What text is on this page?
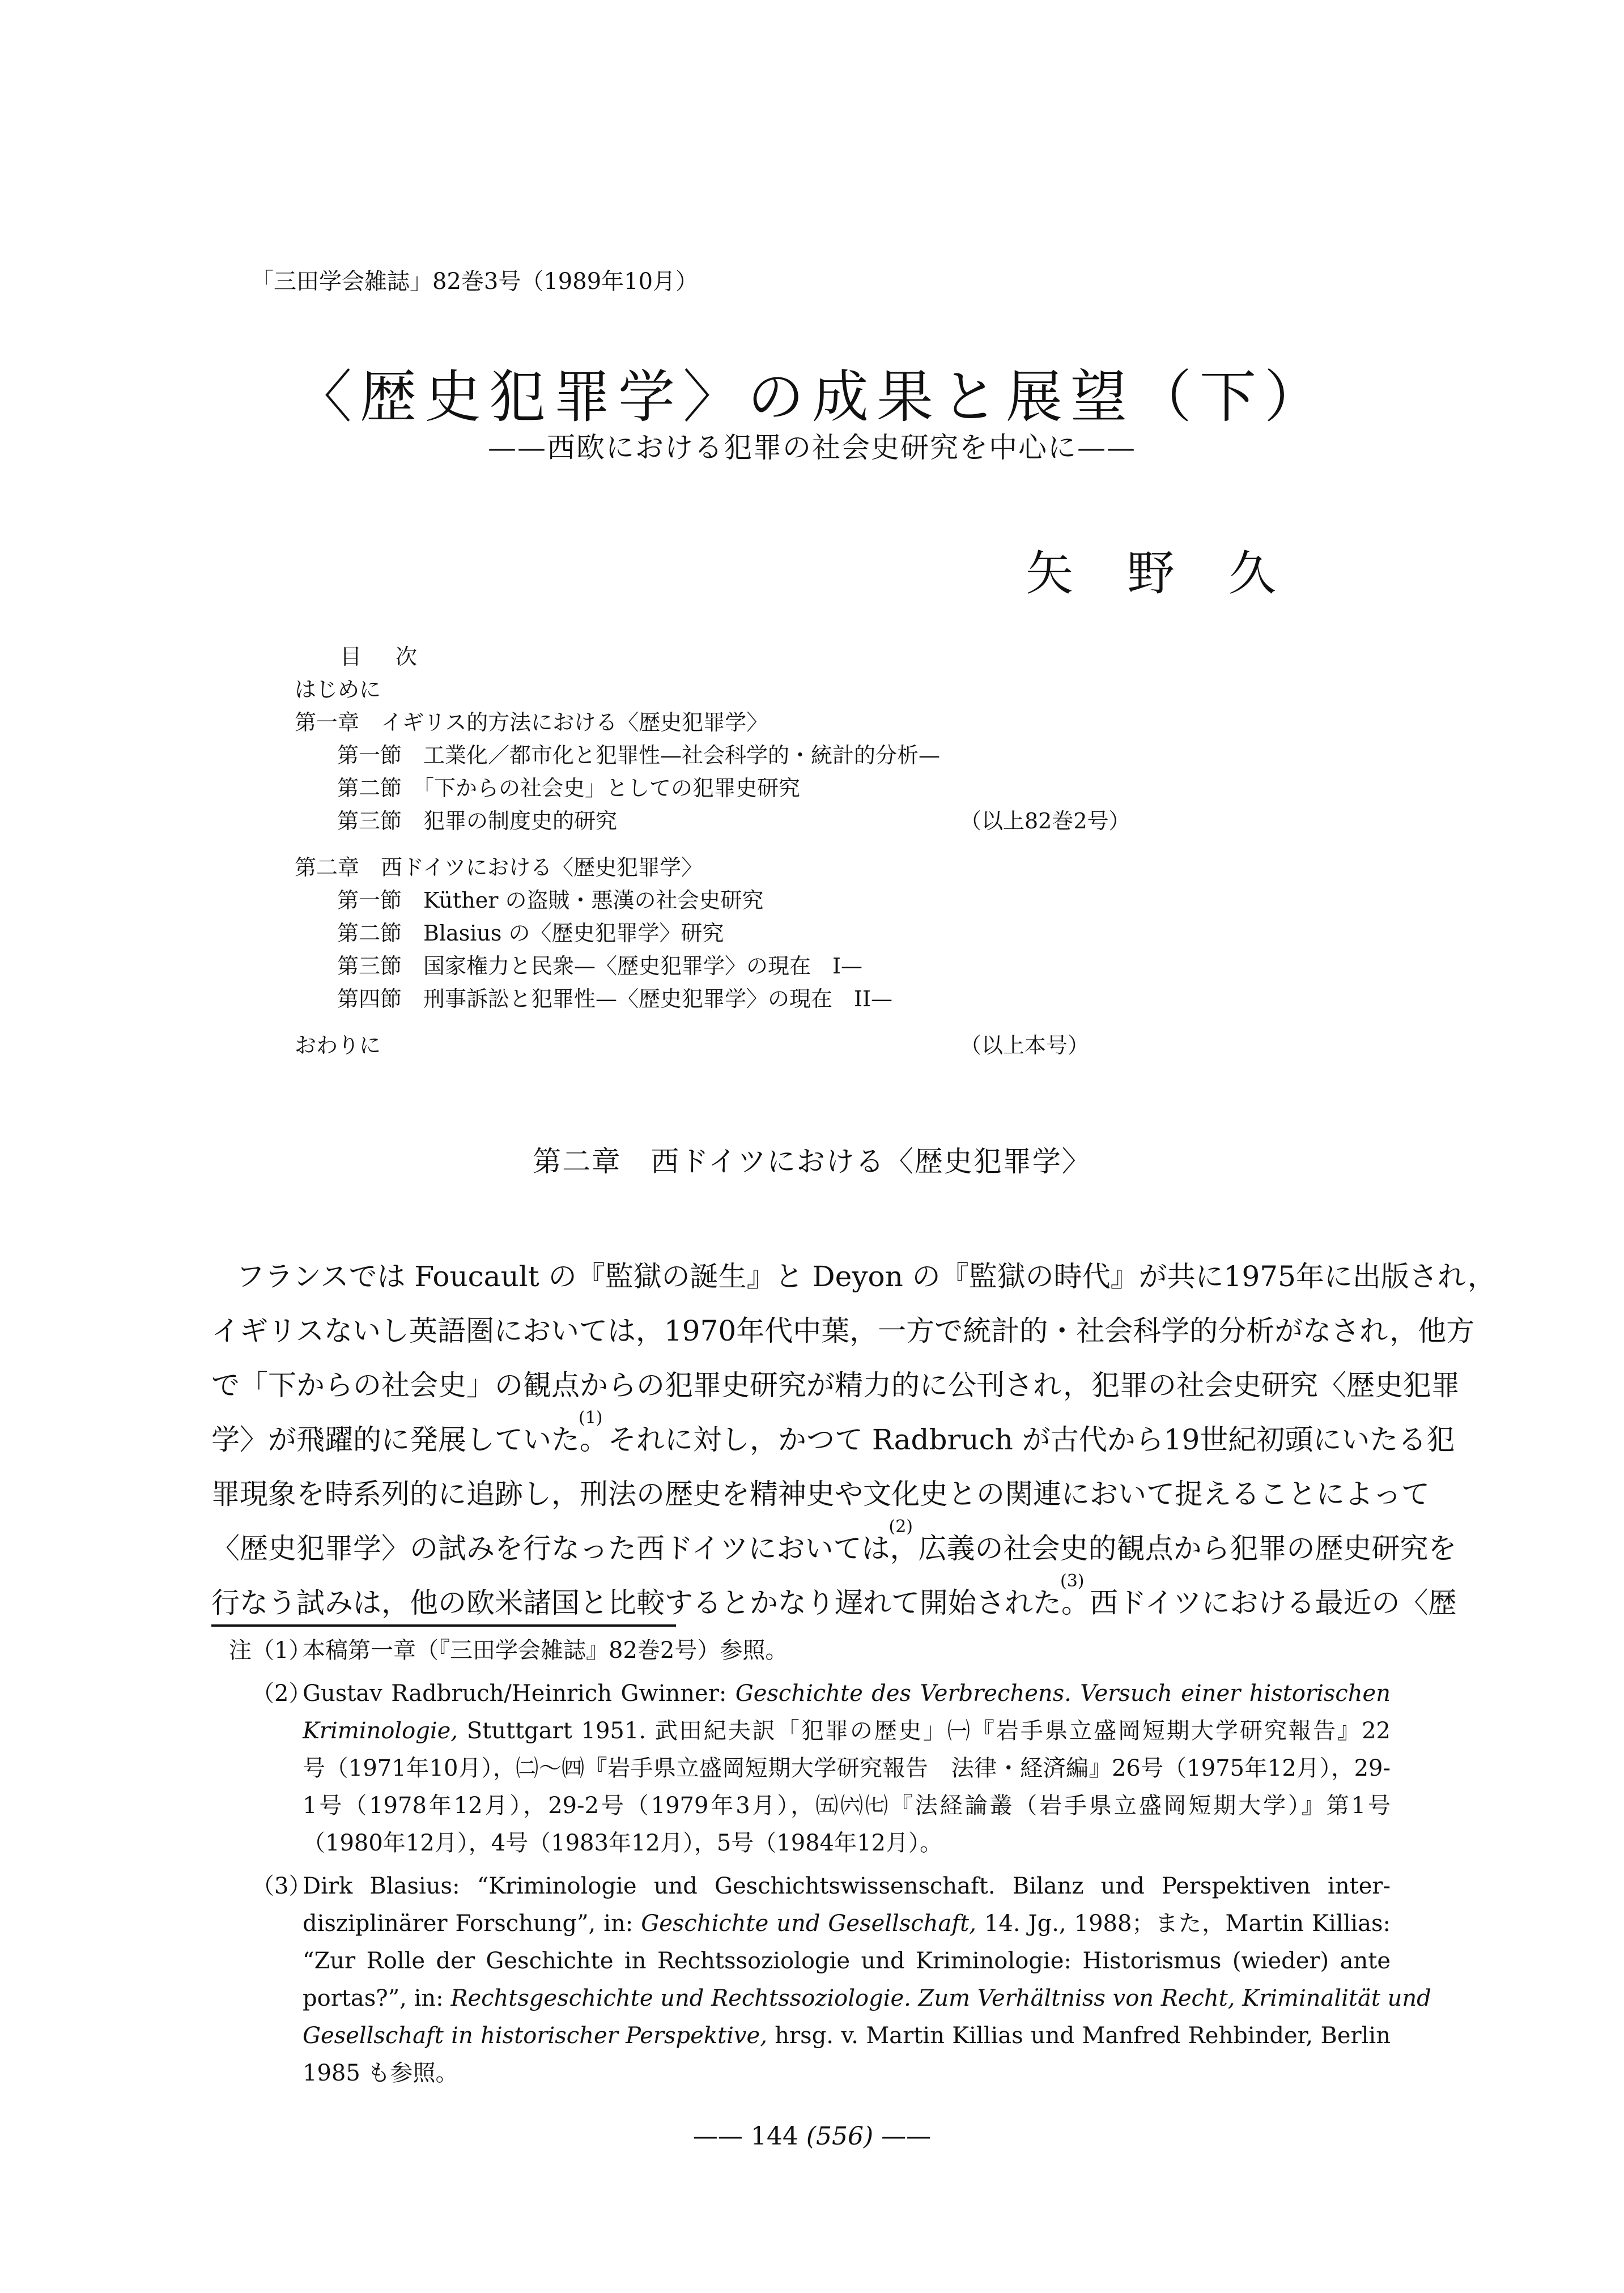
「三田学会雑誌」82巻3号（1989年10月）
〈歴史犯罪学〉の成果と展望（下）
——西欧における犯罪の社会史研究を中心に——
矢野久
目次
はじめに
第一章　イギリス的方法における〈歴史犯罪学〉
第一節　工業化／都市化と犯罪性—社会科学的・統計的分析—
第二節　「下からの社会史」としての犯罪史研究
第三節　犯罪の制度史的研究	（以上82巻2号）
第二章　西ドイツにおける〈歴史犯罪学〉
第一節　Küther の盗賊・悪漢の社会史研究
第二節　Blasius の〈歴史犯罪学〉研究
第三節　国家権力と民衆—〈歴史犯罪学〉の現在　I—
第四節　刑事訴訟と犯罪性—〈歴史犯罪学〉の現在　II—
おわりに	（以上本号）
第二章　西ドイツにおける〈歴史犯罪学〉
フランスでは Foucault の『監獄の誕生』と Deyon の『監獄の時代』が共に1975年に出版され，
イギリスないし英語圏においては，1970年代中葉，一方で統計的・社会科学的分析がなされ，他方
で「下からの社会史」の観点からの犯罪史研究が精力的に公刊され，犯罪の社会史研究〈歴史犯罪
学〉が飛躍的に発展していた。(1)それに対し，かつて Radbruch が古代から19世紀初頭にいたる犯
罪現象を時系列的に追跡し，刑法の歴史を精神史や文化史との関連において捉えることによって
〈歴史犯罪学〉の試みを行なった西ドイツにおいては，(2)広義の社会史的観点から犯罪の歴史研究を
行なう試みは，他の欧米諸国と比較するとかなり遅れて開始された。(3)西ドイツにおける最近の〈歴
注（1）
本稿第一章（『三田学会雑誌』82巻2号）参照。
（2）
Gustav Radbruch/Heinrich Gwinner: Geschichte des Verbrechens. Versuch einer historischen
Kriminologie, Stuttgart 1951. 武田紀夫訳「犯罪の歴史」㈠『岩手県立盛岡短期大学研究報告』22
号（1971年10月），㈡〜㈣『岩手県立盛岡短期大学研究報告　法律・経済編』26号（1975年12月），29-
1号（1978年12月），29-2号（1979年3月），㈤㈥㈦『法経論叢（岩手県立盛岡短期大学）』第1号
（1980年12月），4号（1983年12月），5号（1984年12月）。
（3）
Dirk Blasius: “Kriminologie und Geschichtswissenschaft. Bilanz und Perspektiven inter-
disziplinärer Forschung”, in: Geschichte und Gesellschaft, 14. Jg., 1988；また，Martin Killias:
“Zur Rolle der Geschichte in Rechtssoziologie und Kriminologie: Historismus (wieder) ante
portas?”, in: Rechtsgeschichte und Rechtssoziologie. Zum Verhältniss von Recht, Kriminalität und
Gesellschaft in historischer Perspektive, hrsg. v. Martin Killias und Manfred Rehbinder, Berlin
1985 も参照。
—— 144 (556) ——
